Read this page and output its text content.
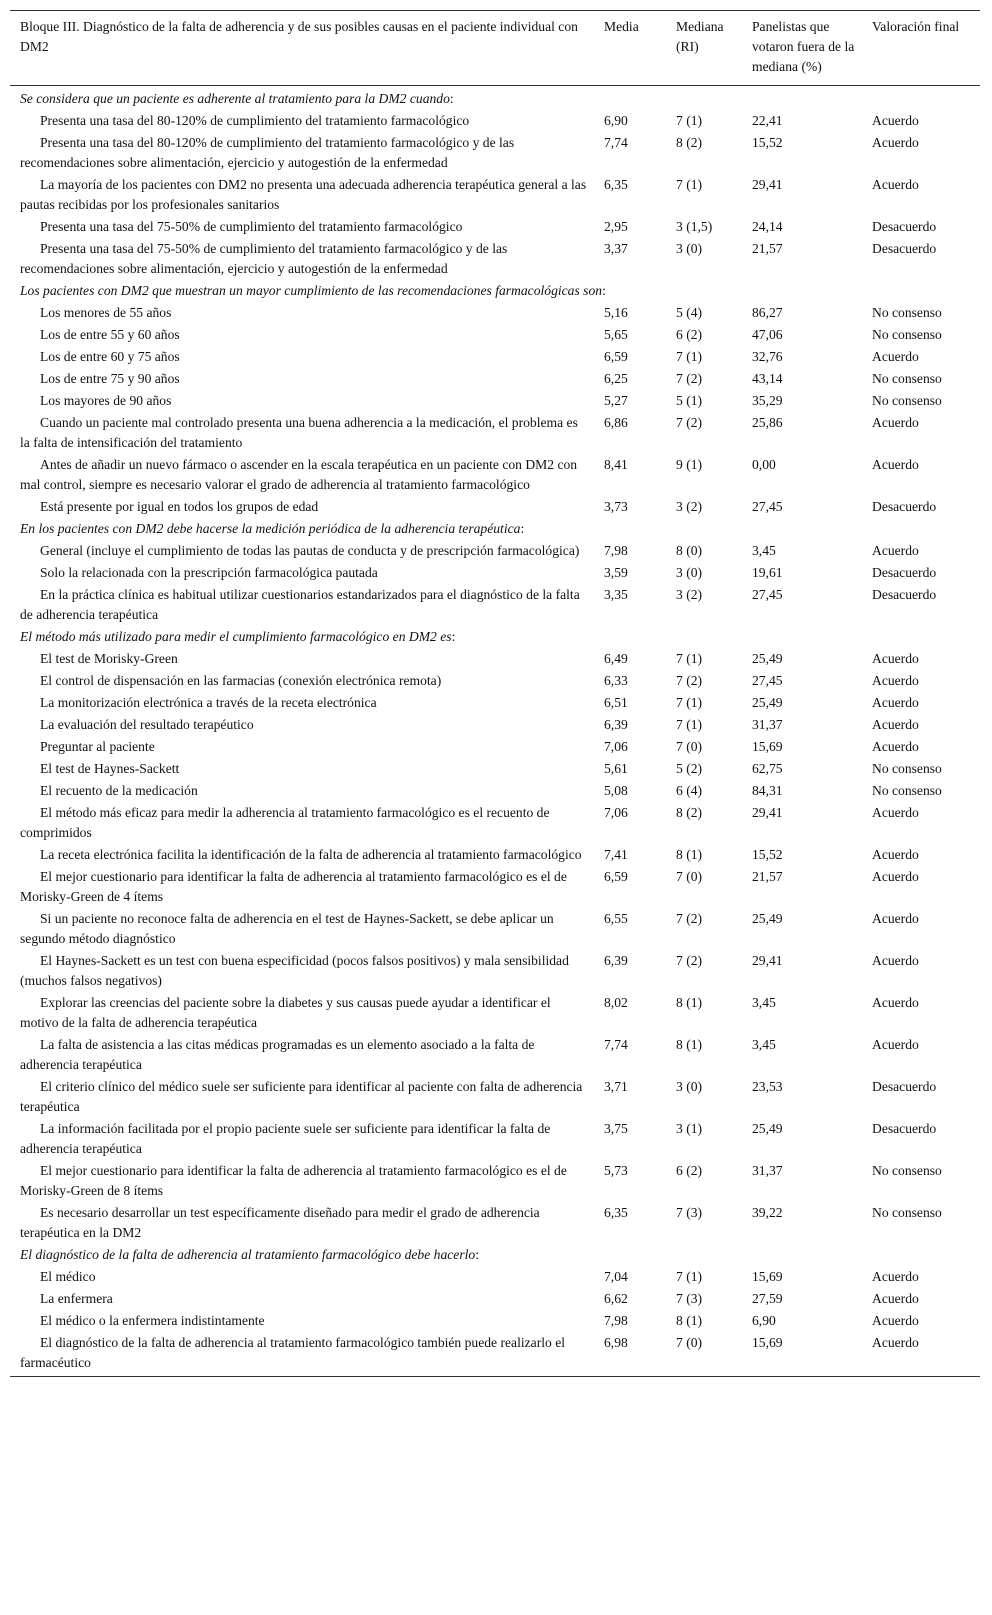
Bloque III. Diagnóstico de la falta de adherencia y de sus posibles causas en el paciente individual con DM2	Media	Mediana (RI)	Panelistas que votaron fuera de la mediana (%)	Valoración final
Se considera que un paciente es adherente al tratamiento para la DM2 cuando:				
Presenta una tasa del 80-120% de cumplimiento del tratamiento farmacológico	6,90	7 (1)	22,41	Acuerdo
Presenta una tasa del 80-120% de cumplimiento del tratamiento farmacológico y de las recomendaciones sobre alimentación, ejercicio y autogestión de la enfermedad	7,74	8 (2)	15,52	Acuerdo
La mayoría de los pacientes con DM2 no presenta una adecuada adherencia terapéutica general a las pautas recibidas por los profesionales sanitarios	6,35	7 (1)	29,41	Acuerdo
Presenta una tasa del 75-50% de cumplimiento del tratamiento farmacológico	2,95	3 (1,5)	24,14	Desacuerdo
Presenta una tasa del 75-50% de cumplimiento del tratamiento farmacológico y de las recomendaciones sobre alimentación, ejercicio y autogestión de la enfermedad	3,37	3 (0)	21,57	Desacuerdo
Los pacientes con DM2 que muestran un mayor cumplimiento de las recomendaciones farmacológicas son:				
Los menores de 55 años	5,16	5 (4)	86,27	No consenso
Los de entre 55 y 60 años	5,65	6 (2)	47,06	No consenso
Los de entre 60 y 75 años	6,59	7 (1)	32,76	Acuerdo
Los de entre 75 y 90 años	6,25	7 (2)	43,14	No consenso
Los mayores de 90 años	5,27	5 (1)	35,29	No consenso
Cuando un paciente mal controlado presenta una buena adherencia a la medicación, el problema es la falta de intensificación del tratamiento	6,86	7 (2)	25,86	Acuerdo
Antes de añadir un nuevo fármaco o ascender en la escala terapéutica en un paciente con DM2 con mal control, siempre es necesario valorar el grado de adherencia al tratamiento farmacológico	8,41	9 (1)	0,00	Acuerdo
Está presente por igual en todos los grupos de edad	3,73	3 (2)	27,45	Desacuerdo
En los pacientes con DM2 debe hacerse la medición periódica de la adherencia terapéutica:				
General (incluye el cumplimiento de todas las pautas de conducta y de prescripción farmacológica)	7,98	8 (0)	3,45	Acuerdo
Solo la relacionada con la prescripción farmacológica pautada	3,59	3 (0)	19,61	Desacuerdo
En la práctica clínica es habitual utilizar cuestionarios estandarizados para el diagnóstico de la falta de adherencia terapéutica	3,35	3 (2)	27,45	Desacuerdo
El método más utilizado para medir el cumplimiento farmacológico en DM2 es:				
El test de Morisky-Green	6,49	7 (1)	25,49	Acuerdo
El control de dispensación en las farmacias (conexión electrónica remota)	6,33	7 (2)	27,45	Acuerdo
La monitorización electrónica a través de la receta electrónica	6,51	7 (1)	25,49	Acuerdo
La evaluación del resultado terapéutico	6,39	7 (1)	31,37	Acuerdo
Preguntar al paciente	7,06	7 (0)	15,69	Acuerdo
El test de Haynes-Sackett	5,61	5 (2)	62,75	No consenso
El recuento de la medicación	5,08	6 (4)	84,31	No consenso
El método más eficaz para medir la adherencia al tratamiento farmacológico es el recuento de comprimidos	7,06	8 (2)	29,41	Acuerdo
La receta electrónica facilita la identificación de la falta de adherencia al tratamiento farmacológico	7,41	8 (1)	15,52	Acuerdo
El mejor cuestionario para identificar la falta de adherencia al tratamiento farmacológico es el de Morisky-Green de 4 ítems	6,59	7 (0)	21,57	Acuerdo
Si un paciente no reconoce falta de adherencia en el test de Haynes-Sackett, se debe aplicar un segundo método diagnóstico	6,55	7 (2)	25,49	Acuerdo
El Haynes-Sackett es un test con buena especificidad (pocos falsos positivos) y mala sensibilidad (muchos falsos negativos)	6,39	7 (2)	29,41	Acuerdo
Explorar las creencias del paciente sobre la diabetes y sus causas puede ayudar a identificar el motivo de la falta de adherencia terapéutica	8,02	8 (1)	3,45	Acuerdo
La falta de asistencia a las citas médicas programadas es un elemento asociado a la falta de adherencia terapéutica	7,74	8 (1)	3,45	Acuerdo
El criterio clínico del médico suele ser suficiente para identificar al paciente con falta de adherencia terapéutica	3,71	3 (0)	23,53	Desacuerdo
La información facilitada por el propio paciente suele ser suficiente para identificar la falta de adherencia terapéutica	3,75	3 (1)	25,49	Desacuerdo
El mejor cuestionario para identificar la falta de adherencia al tratamiento farmacológico es el de Morisky-Green de 8 ítems	5,73	6 (2)	31,37	No consenso
Es necesario desarrollar un test específicamente diseñado para medir el grado de adherencia terapéutica en la DM2	6,35	7 (3)	39,22	No consenso
El diagnóstico de la falta de adherencia al tratamiento farmacológico debe hacerlo:				
El médico	7,04	7 (1)	15,69	Acuerdo
La enfermera	6,62	7 (3)	27,59	Acuerdo
El médico o la enfermera indistintamente	7,98	8 (1)	6,90	Acuerdo
El diagnóstico de la falta de adherencia al tratamiento farmacológico también puede realizarlo el farmacéutico	6,98	7 (0)	15,69	Acuerdo
